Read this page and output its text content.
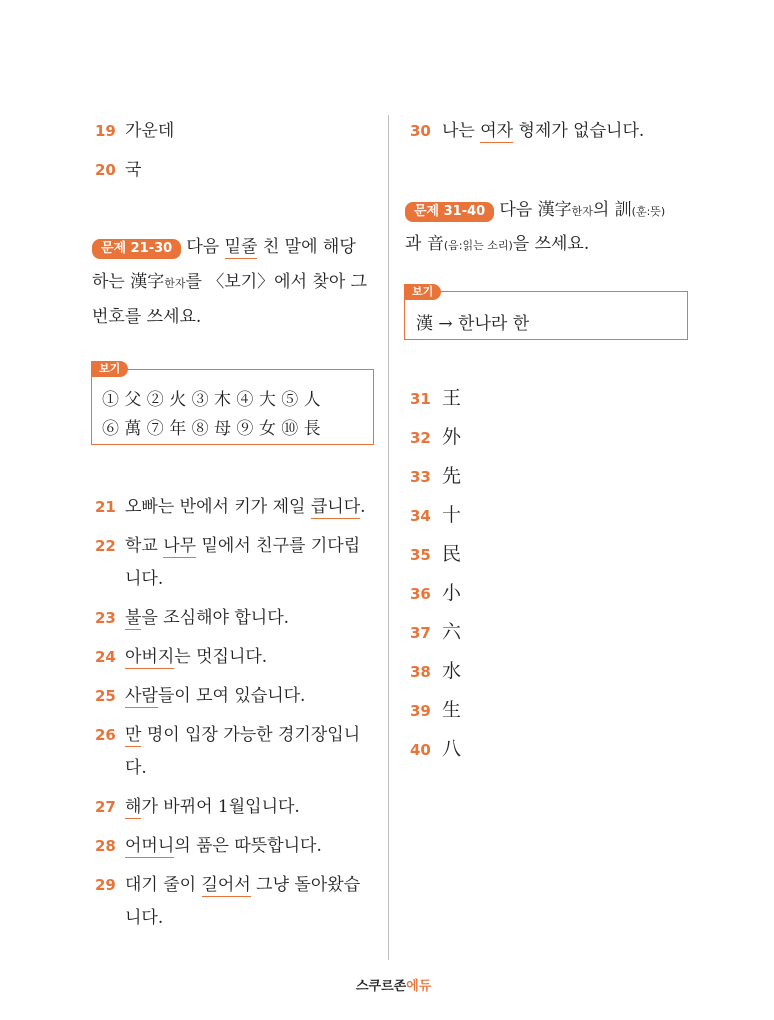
19 가운데
20 국
문제 21-30 다음 밑줄 친 말에 해당
하는 漢字한자를 〈보기〉에서 찾아 그
번호를 쓰세요.
보기
① 父 ② 火 ③ 木 ④ 大 ⑤ 人
⑥ 萬 ⑦ 年 ⑧ 母 ⑨ 女 ⑩ 長
21 오빠는 반에서 키가 제일 큽니다.
22 학교 나무 밑에서 친구를 기다립
니다.
23 불을 조심해야 합니다.
24 아버지는 멋집니다.
25 사람들이 모여 있습니다.
26 만 명이 입장 가능한 경기장입니
다.
27 해가 바뀌어 1월입니다.
28 어머니의 품은 따뜻합니다.
29 대기 줄이 길어서 그냥 돌아왔습
니다.
30 나는 여자 형제가 없습니다.
문제 31-40 다음 漢字한자의 訓(훈:뜻)
과 音(음:읽는 소리)을 쓰세요.
보기
漢 → 한나라 한
31 王
32 外
33 先
34 十
35 民
36 小
37 六
38 水
39 生
40 八
스쿠르존에듀
